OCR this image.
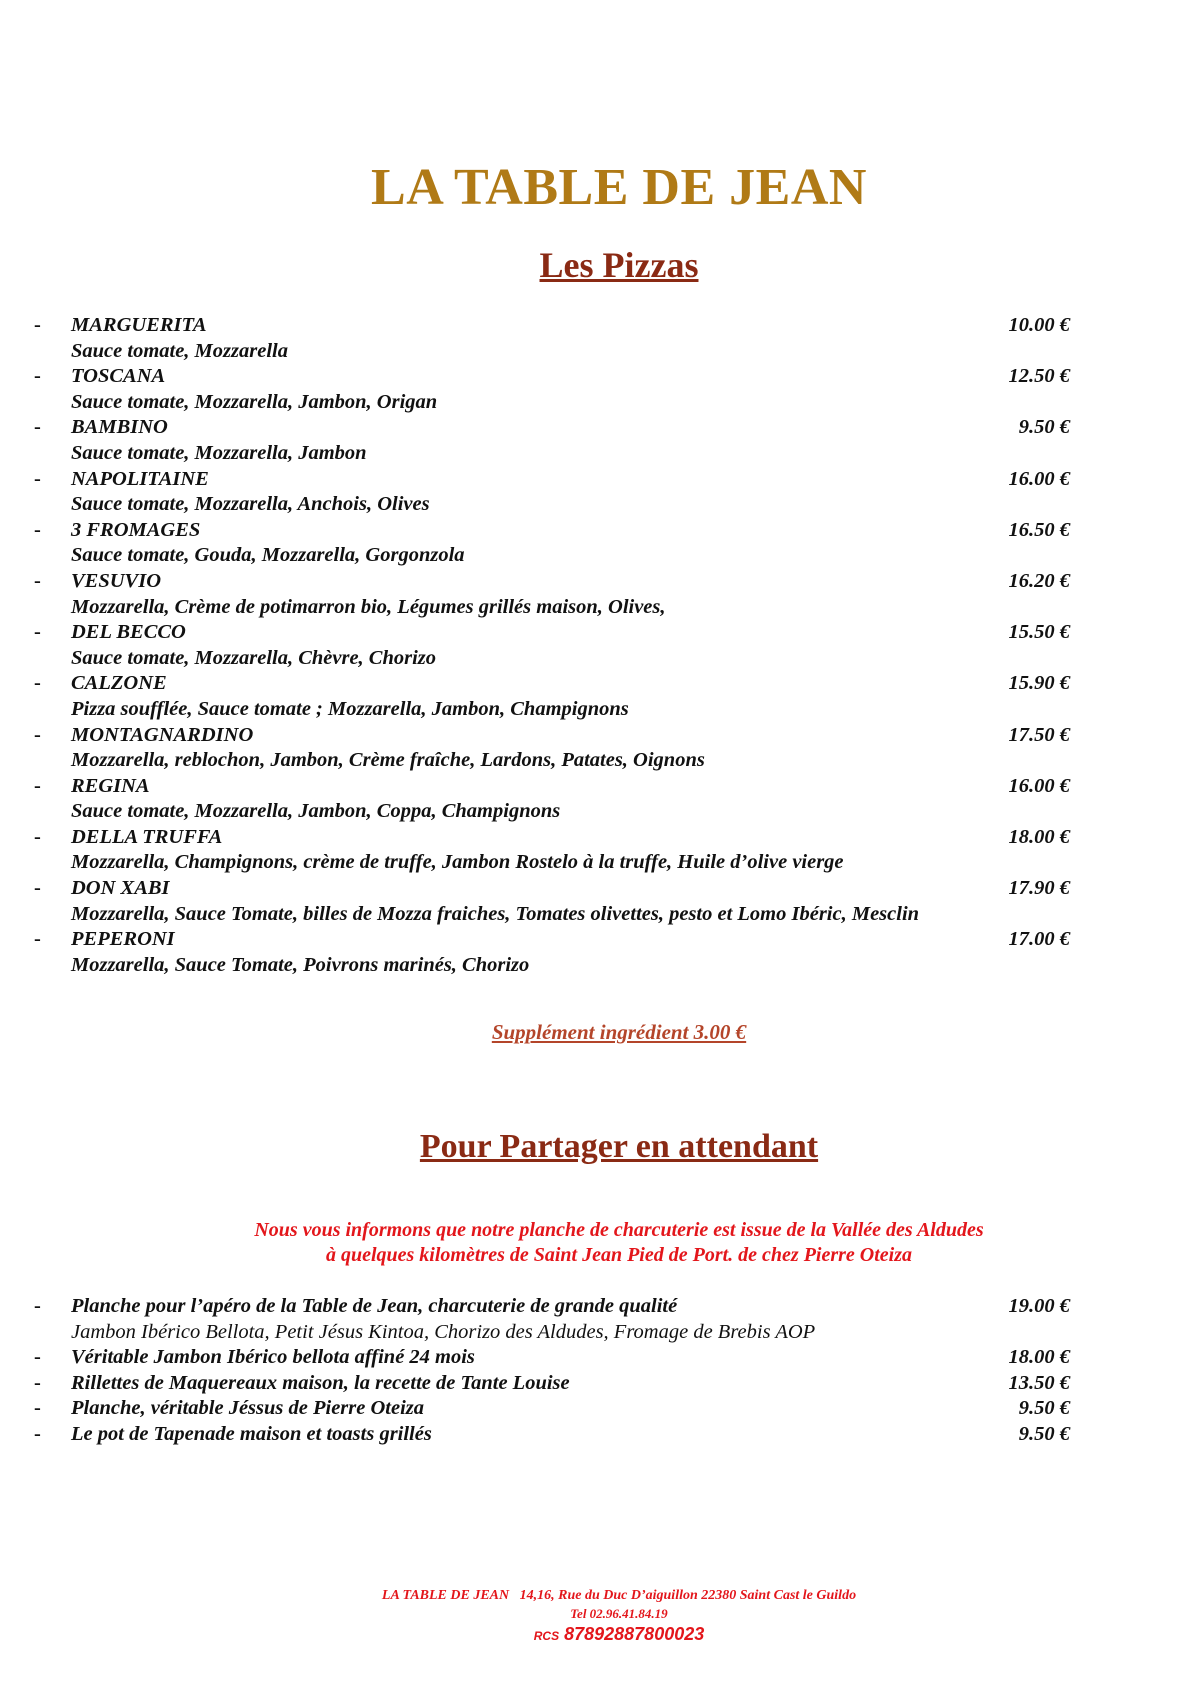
LA TABLE DE JEAN
Les Pizzas
- MARGUERITA	10.00 €
Sauce tomate, Mozzarella
- TOSCANA	12.50 €
Sauce tomate, Mozzarella, Jambon, Origan
- BAMBINO	9.50 €
Sauce tomate, Mozzarella, Jambon
- NAPOLITAINE	16.00 €
Sauce tomate, Mozzarella, Anchois, Olives
- 3 FROMAGES	16.50 €
Sauce tomate, Gouda, Mozzarella, Gorgonzola
- VESUVIO	16.20 €
Mozzarella, Crème de potimarron bio, Légumes grillés maison, Olives,
- DEL BECCO	15.50 €
Sauce tomate, Mozzarella, Chèvre, Chorizo
- CALZONE	15.90 €
Pizza soufflée, Sauce tomate ; Mozzarella, Jambon, Champignons
- MONTAGNARDINO	17.50 €
Mozzarella, reblochon, Jambon, Crème fraîche, Lardons, Patates, Oignons
- REGINA	16.00 €
Sauce tomate, Mozzarella, Jambon, Coppa, Champignons
- DELLA TRUFFA	18.00 €
Mozzarella, Champignons, crème de truffe, Jambon Rostelo à la truffe, Huile d’olive vierge
- DON XABI	17.90 €
Mozzarella, Sauce Tomate, billes de Mozza fraiches, Tomates olivettes, pesto et Lomo Ibéric, Mesclin
- PEPERONI	17.00 €
Mozzarella, Sauce Tomate, Poivrons marinés, Chorizo
Supplément ingrédient 3.00 €
Pour Partager en attendant
Nous vous informons que notre planche de charcuterie est issue de la Vallée des Aldudes
à quelques kilomètres de Saint Jean Pied de Port. de chez Pierre Oteiza
- Planche pour l’apéro de la Table de Jean, charcuterie de grande qualité	19.00 €
Jambon Ibérico Bellota, Petit Jésus Kintoa, Chorizo des Aldudes, Fromage de Brebis AOP
- Véritable Jambon Ibérico bellota affiné 24 mois	18.00 €
- Rillettes de Maquereaux maison, la recette de Tante Louise	13.50 €
- Planche, véritable Jéssus de Pierre Oteiza	9.50 €
- Le pot de Tapenade maison et toasts grillés	9.50 €
LA TABLE DE JEAN   14,16, Rue du Duc D’aiguillon 22380 Saint Cast le Guildo
Tel 02.96.41.84.19
RCS 87892887800023
